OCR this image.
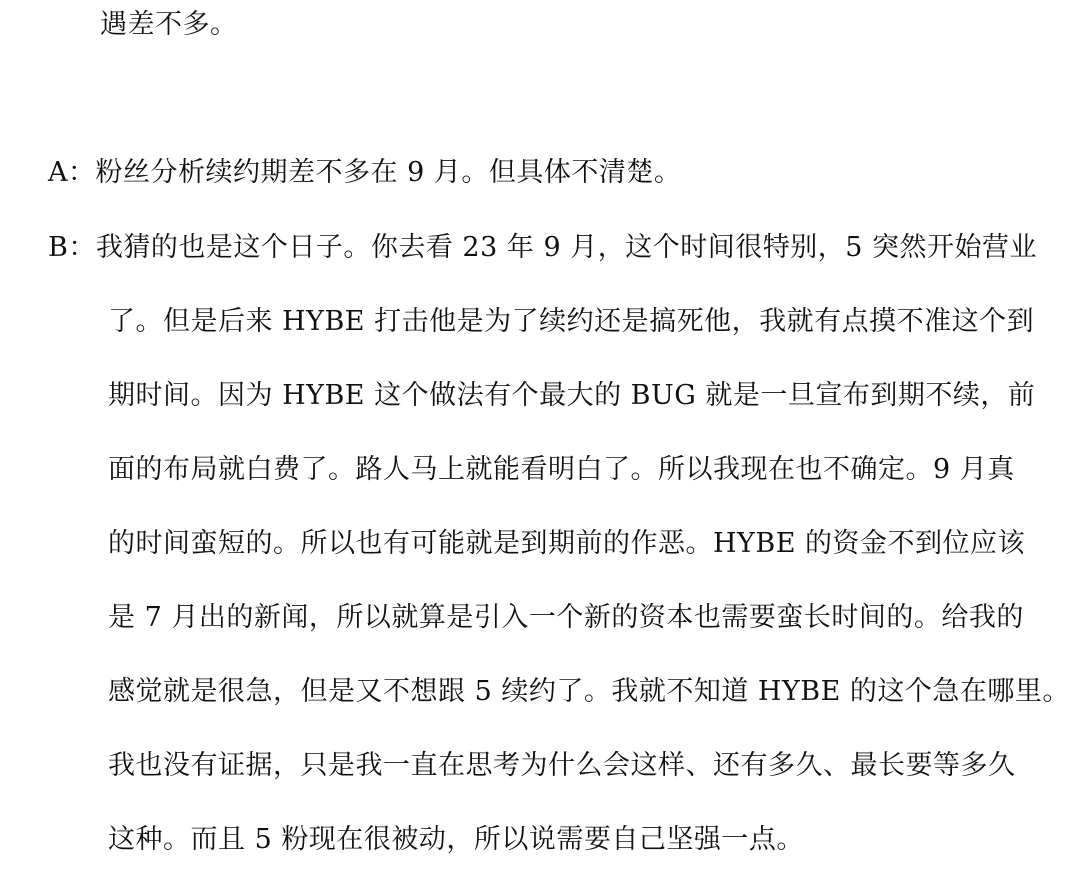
遇差不多。
A：粉丝分析续约期差不多在 9 月。但具体不清楚。
B：我猜的也是这个日子。你去看 23 年 9 月，这个时间很特别，5 突然开始营业
了。但是后来 HYBE 打击他是为了续约还是搞死他，我就有点摸不准这个到
期时间。因为 HYBE 这个做法有个最大的 BUG 就是一旦宣布到期不续，前
面的布局就白费了。路人马上就能看明白了。所以我现在也不确定。9 月真
的时间蛮短的。所以也有可能就是到期前的作恶。HYBE 的资金不到位应该
是 7 月出的新闻，所以就算是引入一个新的资本也需要蛮长时间的。给我的
感觉就是很急，但是又不想跟 5 续约了。我就不知道 HYBE 的这个急在哪里。
我也没有证据，只是我一直在思考为什么会这样、还有多久、最长要等多久
这种。而且 5 粉现在很被动，所以说需要自己坚强一点。
